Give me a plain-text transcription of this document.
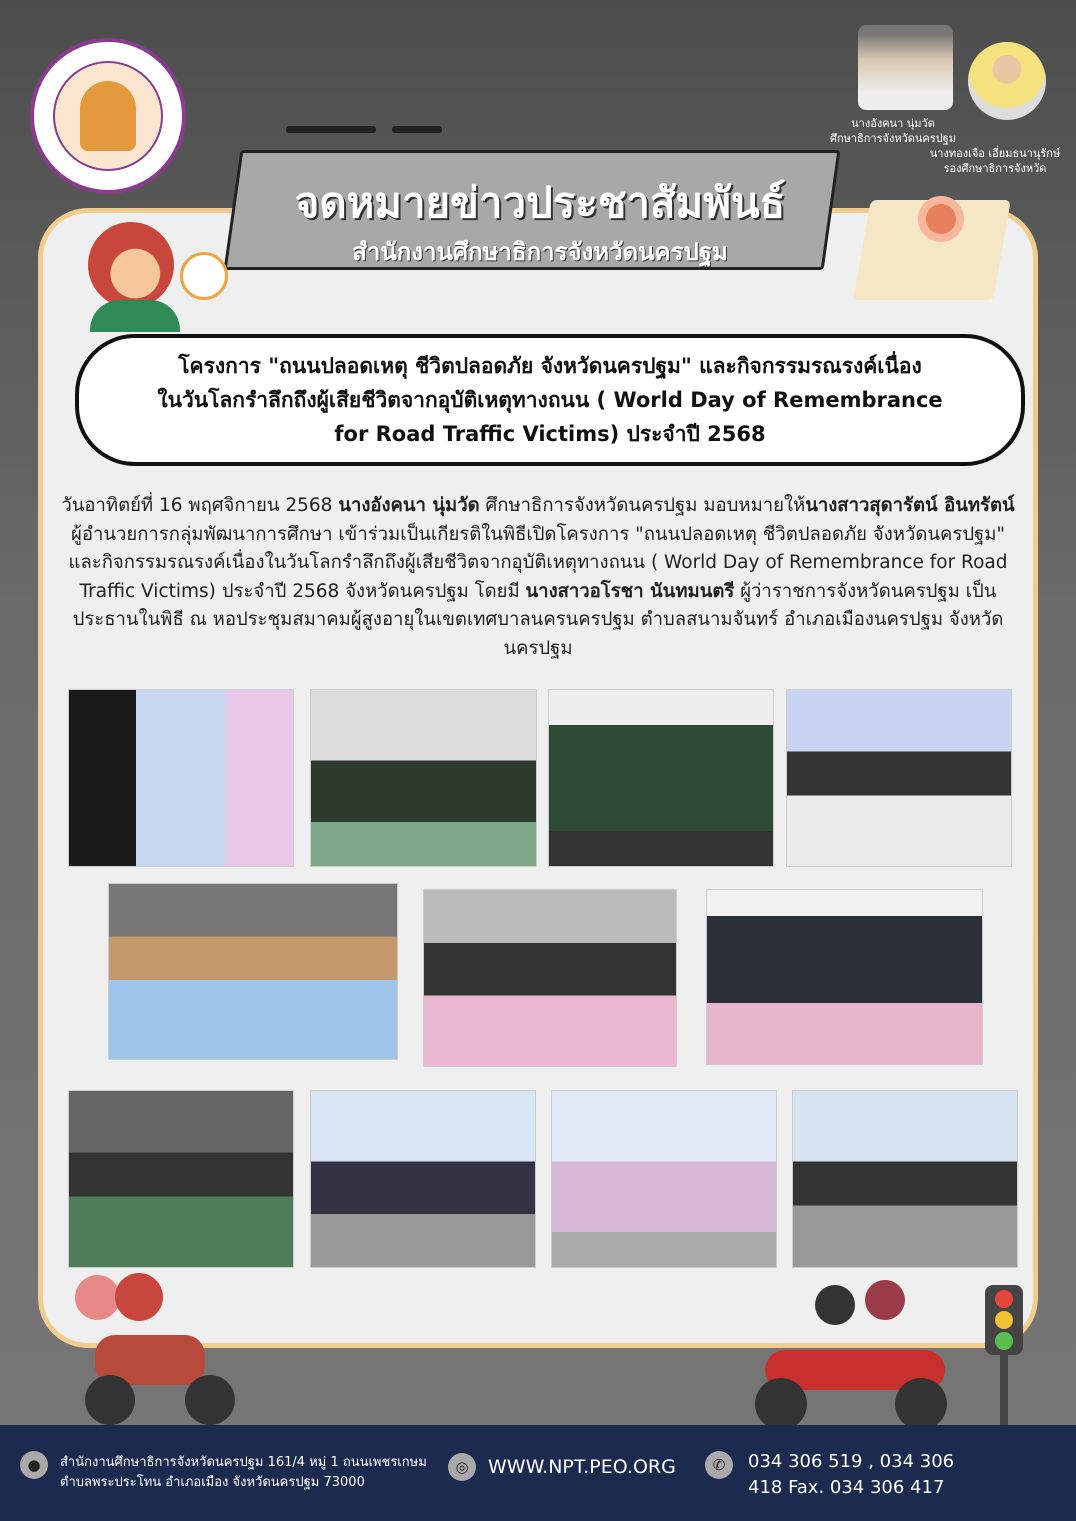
นางอังคนา นุ่มวัด
ศึกษาธิการจังหวัดนครปฐม
นางทองเจือ เอี่ยมธนานุรักษ์
รองศึกษาธิการจังหวัด
จดหมายข่าวประชาสัมพันธ์
สำนักงานศึกษาธิการจังหวัดนครปฐม
โครงการ "ถนนปลอดเหตุ ชีวิตปลอดภัย จังหวัดนครปฐม" และกิจกรรมรณรงค์เนื่อง
ในวันโลกรำลึกถึงผู้เสียชีวิตจากอุบัติเหตุทางถนน ( World Day of Remembrance
for Road Traffic Victims) ประจำปี 2568
วันอาทิตย์ที่ 16 พฤศจิกายน 2568 นางอังคนา นุ่มวัด ศึกษาธิการจังหวัดนครปฐม มอบหมายให้นางสาวสุดารัตน์ อินทรัตน์ ผู้อำนวยการกลุ่มพัฒนาการศึกษา เข้าร่วมเป็นเกียรติในพิธีเปิดโครงการ "ถนนปลอดเหตุ ชีวิตปลอดภัย จังหวัดนครปฐม" และกิจกรรมรณรงค์เนื่องในวันโลกรำลึกถึงผู้เสียชีวิตจากอุบัติเหตุทางถนน ( World Day of Remembrance for Road Traffic Victims) ประจำปี 2568 จังหวัดนครปฐม โดยมี นางสาวอโรชา นันทมนตรี ผู้ว่าราชการจังหวัดนครปฐม เป็นประธานในพิธี ณ หอประชุมสมาคมผู้สูงอายุในเขตเทศบาลนครนครปฐม ตำบลสนามจันทร์ อำเภอเมืองนครปฐม จังหวัดนครปฐม
●	สำนักงานศึกษาธิการจังหวัดนครปฐม 161/4 หมู่ 1 ถนนเพชรเกษม
ตำบลพระประโทน อำเภอเมือง จังหวัดนครปฐม 73000
◎	WWW.NPT.PEO.ORG	✆	034 306 519 , 034 306
418 Fax. 034 306 417
